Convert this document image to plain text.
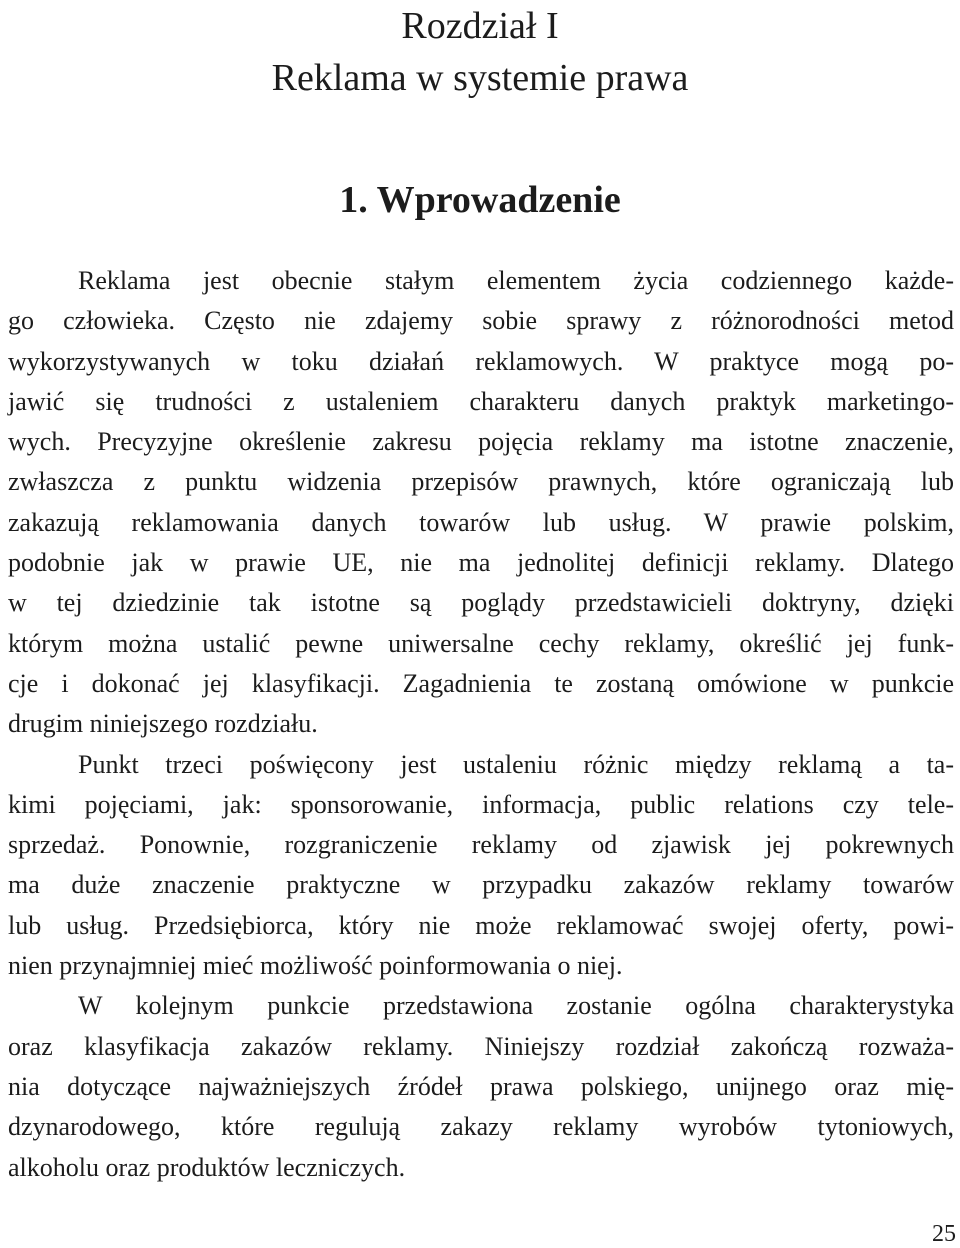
Rozdział I
Reklama w systemie prawa
1. Wprowadzenie
Reklama jest obecnie stałym elementem życia codziennego każde-
go człowieka. Często nie zdajemy sobie sprawy z różnorodności metod
wykorzystywanych w toku działań reklamowych. W praktyce mogą po-
jawić się trudności z ustaleniem charakteru danych praktyk marketingo-
wych. Precyzyjne określenie zakresu pojęcia reklamy ma istotne znaczenie,
zwłaszcza z punktu widzenia przepisów prawnych, które ograniczają lub
zakazują reklamowania danych towarów lub usług. W prawie polskim,
podobnie jak w prawie UE, nie ma jednolitej definicji reklamy. Dlatego
w tej dziedzinie tak istotne są poglądy przedstawicieli doktryny, dzięki
którym można ustalić pewne uniwersalne cechy reklamy, określić jej funk-
cje i dokonać jej klasyfikacji. Zagadnienia te zostaną omówione w punkcie
drugim niniejszego rozdziału.
Punkt trzeci poświęcony jest ustaleniu różnic między reklamą a ta-
kimi pojęciami, jak: sponsorowanie, informacja, public relations czy tele-
sprzedaż. Ponownie, rozgraniczenie reklamy od zjawisk jej pokrewnych
ma duże znaczenie praktyczne w przypadku zakazów reklamy towarów
lub usług. Przedsiębiorca, który nie może reklamować swojej oferty, powi-
nien przynajmniej mieć możliwość poinformowania o niej.
W kolejnym punkcie przedstawiona zostanie ogólna charakterystyka
oraz klasyfikacja zakazów reklamy. Niniejszy rozdział zakończą rozważa-
nia dotyczące najważniejszych źródeł prawa polskiego, unijnego oraz mię-
dzynarodowego, które regulują zakazy reklamy wyrobów tytoniowych,
alkoholu oraz produktów leczniczych.
25
